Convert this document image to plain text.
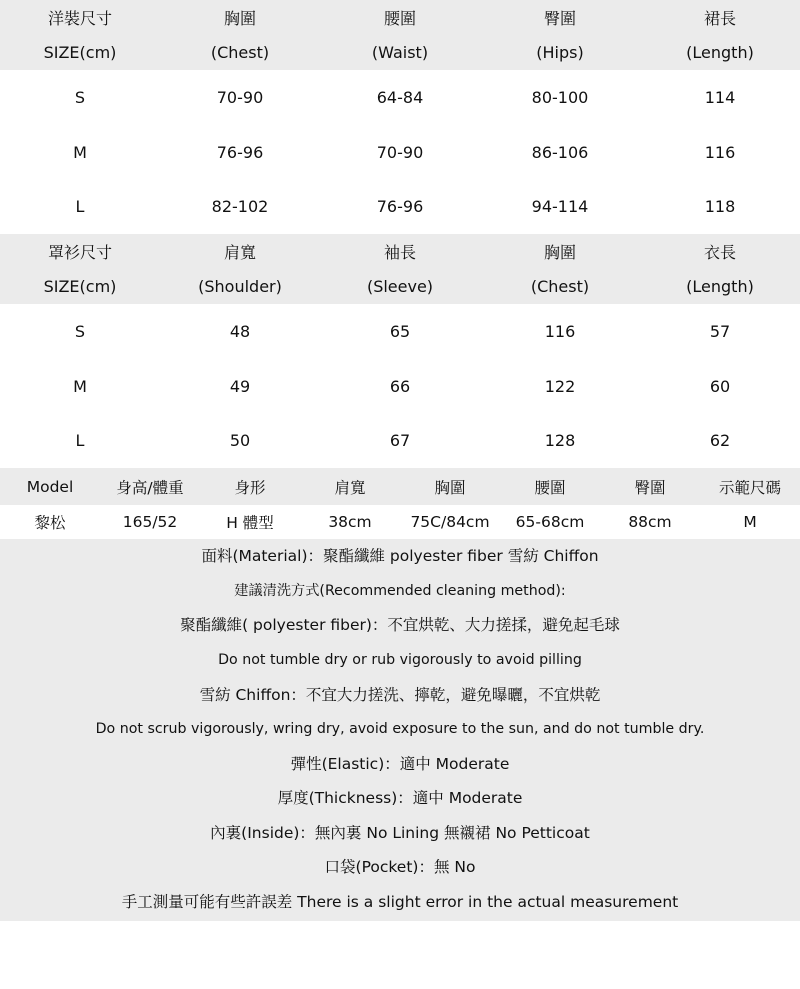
洋裝尺寸	胸圍	腰圍	臀圍	裙長
SIZE(cm)	(Chest)	(Waist)	(Hips)	(Length)
S	70-90	64-84	80-100	114
M	76-96	70-90	86-106	116
L	82-102	76-96	94-114	118
罩衫尺寸	肩寬	袖長	胸圍	衣長
SIZE(cm)	(Shoulder)	(Sleeve)	(Chest)	(Length)
S	48	65	116	57
M	49	66	122	60
L	50	67	128	62
Model	身高/體重	身形	肩寬	胸圍	腰圍	臀圍	示範尺碼
黎松	165/52	H 體型	38cm	75C/84cm	65-68cm	88cm	M

面料(Material)：聚酯纖維 polyester fiber 雪紡 Chiffon

建議清洗方式(Recommended cleaning method):

聚酯纖維( polyester fiber)：不宜烘乾、大力搓揉，避免起毛球

Do not tumble dry or rub vigorously to avoid pilling

雪紡 Chiffon：不宜大力搓洗、擰乾，避免曝曬，不宜烘乾

Do not scrub vigorously, wring dry, avoid exposure to the sun, and do not tumble dry.

彈性(Elastic)：適中 Moderate

厚度(Thickness)：適中 Moderate

內裏(Inside)：無內裏 No Lining 無襯裙 No Petticoat

口袋(Pocket)：無 No

手工測量可能有些許誤差 There is a slight error in the actual measurement
